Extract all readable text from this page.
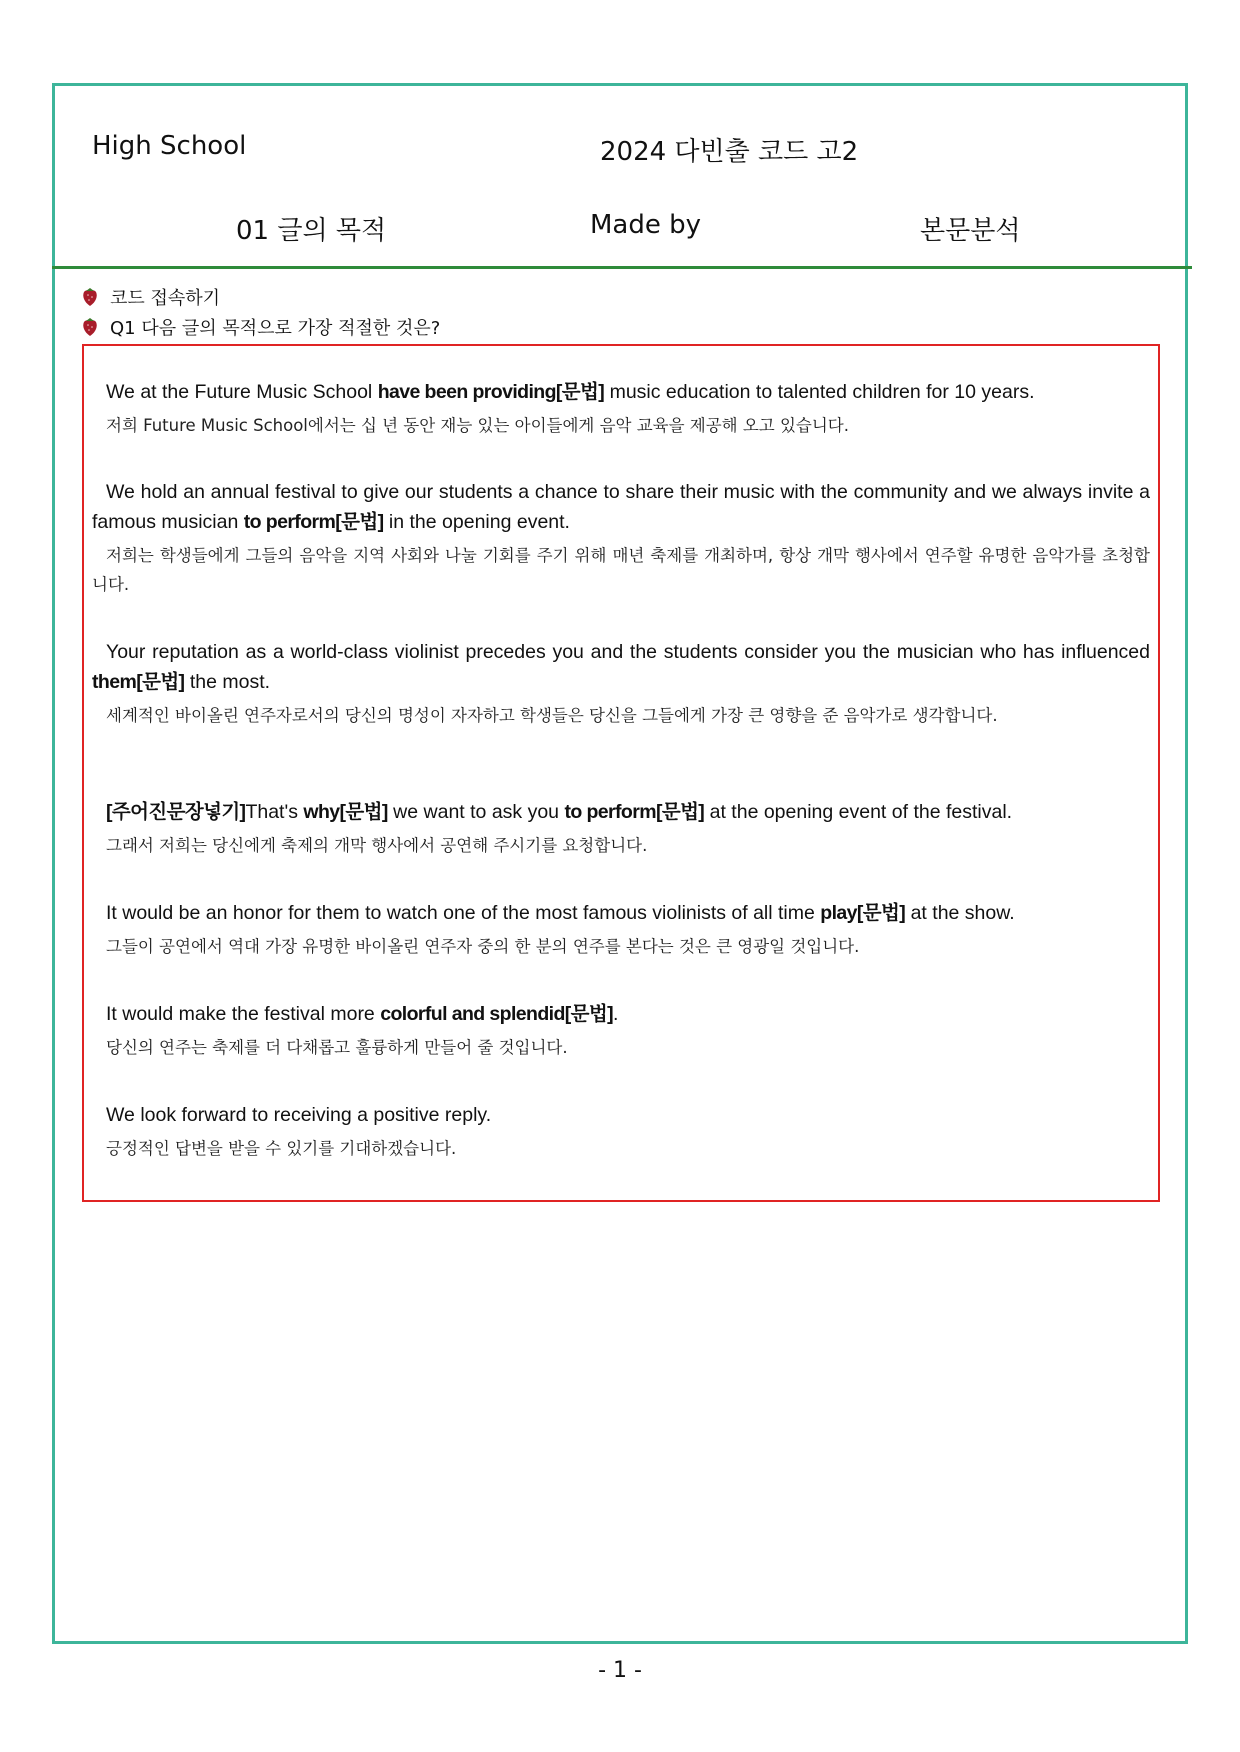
High School	2024 다빈출 코드 고2
01 글의 목적	Made by	본문분석
코드 접속하기
Q1 다음 글의 목적으로 가장 적절한 것은?

We at the Future Music School have been providing[문법] music education to talented children for 10 years.

저희 Future Music School에서는 십 년 동안 재능 있는 아이들에게 음악 교육을 제공해 오고 있습니다.

We hold an annual festival to give our students a chance to share their music with the community and we always invite a famous musician to perform[문법] in the opening event.

저희는 학생들에게 그들의 음악을 지역 사회와 나눌 기회를 주기 위해 매년 축제를 개최하며, 항상 개막 행사에서 연주할 유명한 음악가를 초청합니다.

Your reputation as a world-class violinist precedes you and the students consider you the musician who has influenced them[문법] the most.

세계적인 바이올린 연주자로서의 당신의 명성이 자자하고 학생들은 당신을 그들에게 가장 큰 영향을 준 음악가로 생각합니다.

[주어진문장넣기]That's why[문법] we want to ask you to perform[문법] at the opening event of the festival.

그래서 저희는 당신에게 축제의 개막 행사에서 공연해 주시기를 요청합니다.

It would be an honor for them to watch one of the most famous violinists of all time play[문법] at the show.

그들이 공연에서 역대 가장 유명한 바이올린 연주자 중의 한 분의 연주를 본다는 것은 큰 영광일 것입니다.

It would make the festival more colorful and splendid[문법].

당신의 연주는 축제를 더 다채롭고 훌륭하게 만들어 줄 것입니다.

We look forward to receiving a positive reply.

긍정적인 답변을 받을 수 있기를 기대하겠습니다.

- 1 -
